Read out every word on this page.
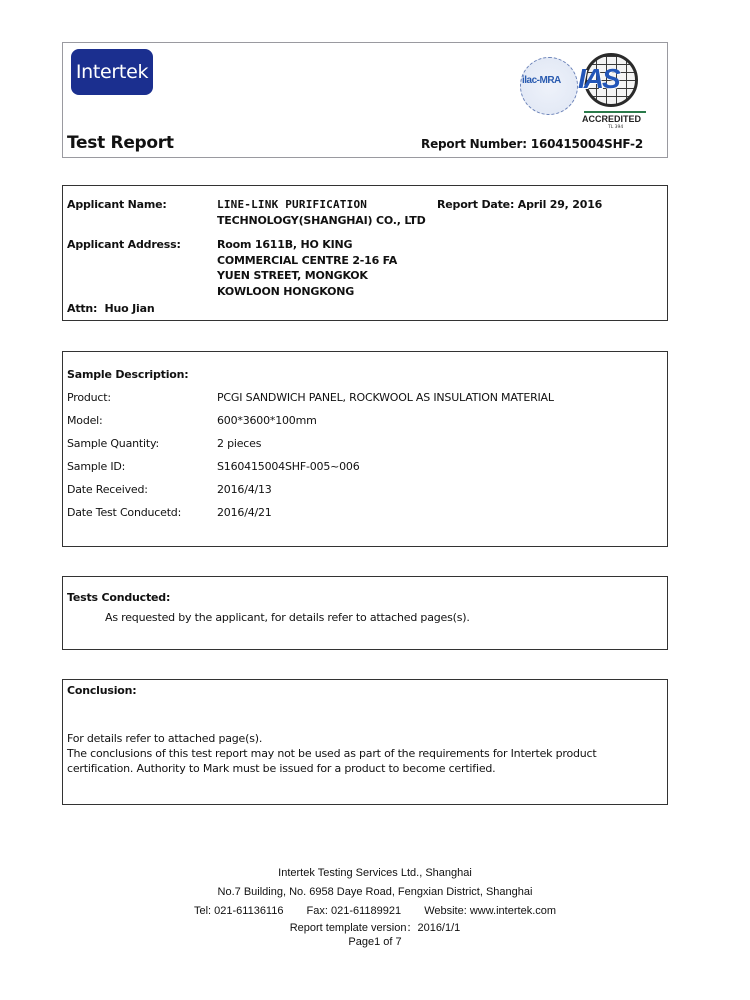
Intertek	ilac-MRA IAS
ACCREDITED
TL 394
Test Report	Report Number: 160415004SHF-2
Applicant Name:	LINE-LINK PURIFICATION
TECHNOLOGY(SHANGHAI) CO., LTD
Report Date: April 29, 2016
Applicant Address:	Room 1611B, HO KING
COMMERCIAL CENTRE 2-16 FA
YUEN STREET, MONGKOK
KOWLOON HONGKONG
Attn: Huo Jian
Sample Description:
Product:	PCGI SANDWICH PANEL, ROCKWOOL AS INSULATION MATERIAL
Model:	600*3600*100mm
Sample Quantity:	2 pieces
Sample ID:	S160415004SHF-005~006
Date Received:	2016/4/13
Date Test Conducetd:	2016/4/21
Tests Conducted:
As requested by the applicant, for details refer to attached pages(s).
Conclusion:
For details refer to attached page(s).
The conclusions of this test report may not be used as part of the requirements for Intertek product
certification. Authority to Mark must be issued for a product to become certified.
Intertek Testing Services Ltd., Shanghai
No.7 Building, No. 6958 Daye Road, Fengxian District, Shanghai
Tel: 021-61136116 Fax: 021-61189921 Website: www.intertek.com
Report template version：2016/1/1
Page1 of 7
